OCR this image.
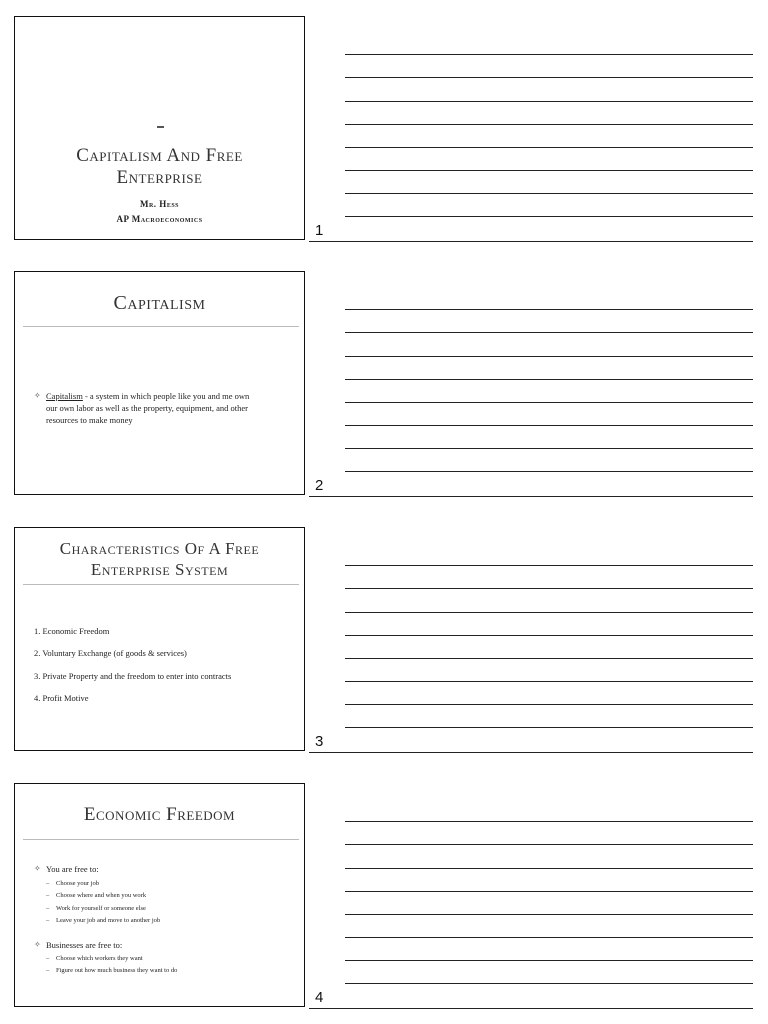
Capitalism And Free
Enterprise
Mr. Hess
AP Macroeconomics
1
Capitalism
✧ Capitalism - a system in which people like you and me own
our own labor as well as the property, equipment, and other
resources to make money
2
Characteristics Of A Free
Enterprise System
1. Economic Freedom
2. Voluntary Exchange (of goods & services)
3. Private Property and the freedom to enter into contracts
4. Profit Motive
3
Economic Freedom
✧ You are free to:
– Choose your job
– Choose where and when you work
– Work for yourself or someone else
– Leave your job and move to another job
✧ Businesses are free to:
– Choose which workers they want
– Figure out how much business they want to do
4
